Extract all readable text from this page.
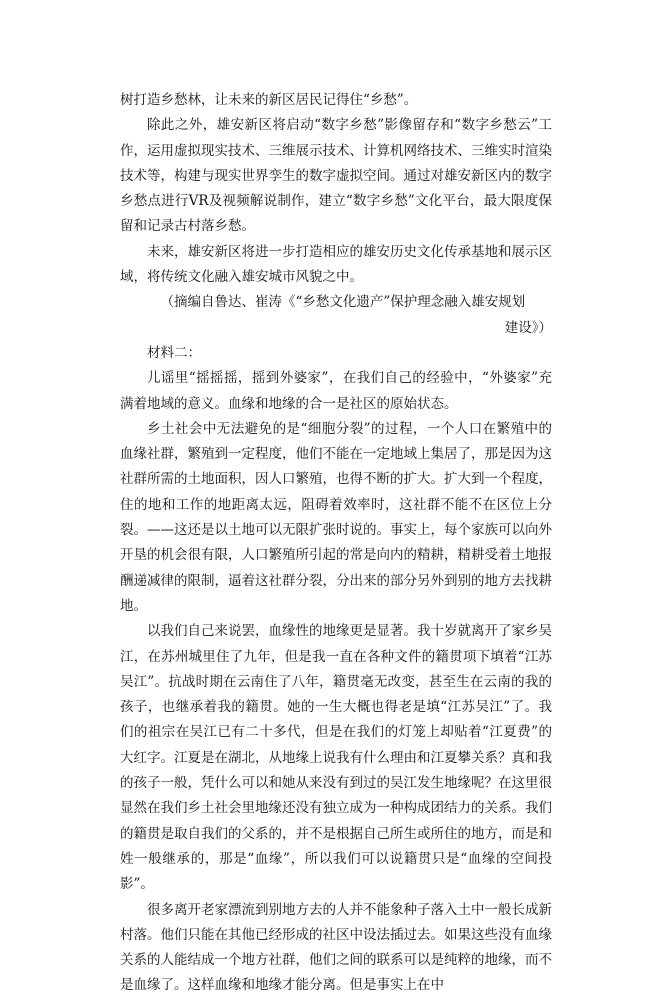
树打造乡愁林，让未来的新区居民记得住“乡愁”。

除此之外，雄安新区将启动“数字乡愁”影像留存和“数字乡愁云”工作，运用虚拟现实技术、三维展示技术、计算机网络技术、三维实时渲染技术等，构建与现实世界孪生的数字虚拟空间。通过对雄安新区内的数字乡愁点进行VR及视频解说制作，建立“数字乡愁”文化平台，最大限度保留和记录古村落乡愁。

未来，雄安新区将进一步打造相应的雄安历史文化传承基地和展示区域，将传统文化融入雄安城市风貌之中。

（摘编自鲁达、崔涛《“乡愁文化遗产”保护理念融入雄安规划

建设》）

材料二：

儿谣里“摇摇摇，摇到外婆家”，在我们自己的经验中，“外婆家”充满着地域的意义。血缘和地缘的合一是社区的原始状态。

乡土社会中无法避免的是“细胞分裂”的过程，一个人口在繁殖中的血缘社群，繁殖到一定程度，他们不能在一定地域上集居了，那是因为这社群所需的土地面积，因人口繁殖，也得不断的扩大。扩大到一个程度，住的地和工作的地距离太远，阻碍着效率时，这社群不能不在区位上分裂。——这还是以土地可以无限扩张时说的。事实上，每个家族可以向外开垦的机会很有限，人口繁殖所引起的常是向内的精耕，精耕受着土地报酬递减律的限制，逼着这社群分裂，分出来的部分另外到别的地方去找耕地。

以我们自己来说罢，血缘性的地缘更是显著。我十岁就离开了家乡吴江，在苏州城里住了九年，但是我一直在各种文件的籍贯项下填着“江苏吴江”。抗战时期在云南住了八年，籍贯毫无改变，甚至生在云南的我的孩子，也继承着我的籍贯。她的一生大概也得老是填“江苏吴江”了。我们的祖宗在吴江已有二十多代，但是在我们的灯笼上却贴着“江夏费”的大红字。江夏是在湖北，从地缘上说我有什么理由和江夏攀关系？真和我的孩子一般，凭什么可以和她从来没有到过的吴江发生地缘呢？在这里很显然在我们乡土社会里地缘还没有独立成为一种构成团结力的关系。我们的籍贯是取自我们的父系的，并不是根据自己所生或所住的地方，而是和姓一般继承的，那是“血缘”，所以我们可以说籍贯只是“血缘的空间投影”。

很多离开老家漂流到别地方去的人并不能象种子落入土中一般长成新村落。他们只能在其他已经形成的社区中设法插过去。如果这些没有血缘关系的人能结成一个地方社群，他们之间的联系可以是纯粹的地缘，而不是血缘了。这样血缘和地缘才能分离。但是事实上在中
